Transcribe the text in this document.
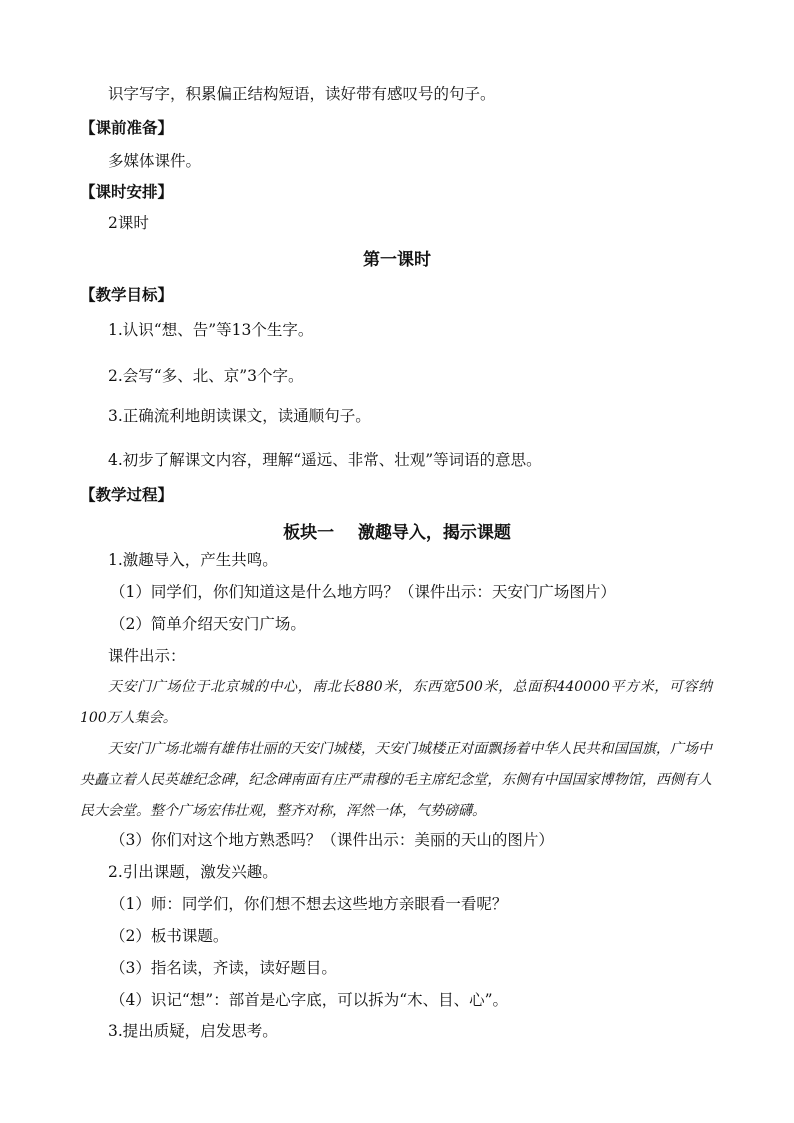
识字写字，积累偏正结构短语，读好带有感叹号的句子。
【课前准备】
多媒体课件。
【课时安排】
2课时
第一课时
【教学目标】
1.认识“想、告”等13个生字。
2.会写“多、北、京”3个字。
3.正确流利地朗读课文，读通顺句子。
4.初步了解课文内容，理解“遥远、非常、壮观”等词语的意思。
【教学过程】
板块一    激趣导入，揭示课题
1.激趣导入，产生共鸣。
（1）同学们，你们知道这是什么地方吗？（课件出示：天安门广场图片）
（2）简单介绍天安门广场。
课件出示：
天安门广场位于北京城的中心，南北长880米，东西宽500米，总面积440000平方米，可容纳100万人集会。
天安门广场北端有雄伟壮丽的天安门城楼，天安门城楼正对面飘扬着中华人民共和国国旗，广场中央矗立着人民英雄纪念碑，纪念碑南面有庄严肃穆的毛主席纪念堂，东侧有中国国家博物馆，西侧有人民大会堂。整个广场宏伟壮观，整齐对称，浑然一体，气势磅礴。
（3）你们对这个地方熟悉吗？（课件出示：美丽的天山的图片）
2.引出课题，激发兴趣。
（1）师：同学们，你们想不想去这些地方亲眼看一看呢？
（2）板书课题。
（3）指名读，齐读，读好题目。
（4）识记“想”：部首是心字底，可以拆为“木、目、心”。
3.提出质疑，启发思考。
